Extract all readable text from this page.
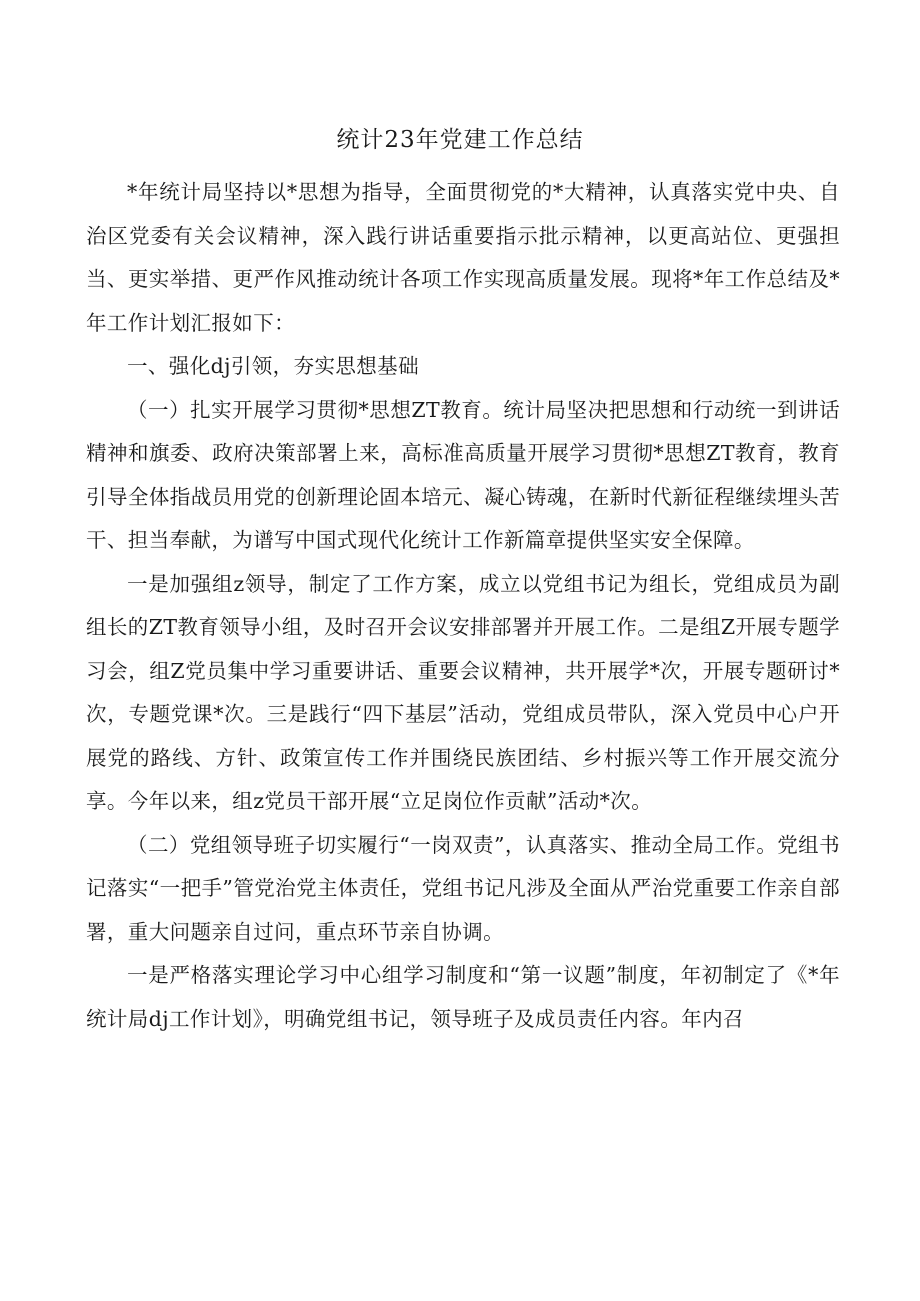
统计23年党建工作总结

*年统计局坚持以*思想为指导，全面贯彻党的*大精神，认真落实党中央、自治区党委有关会议精神，深入践行讲话重要指示批示精神，以更高站位、更强担当、更实举措、更严作风推动统计各项工作实现高质量发展。现将*年工作总结及*年工作计划汇报如下：

一、强化dj引领，夯实思想基础

（一）扎实开展学习贯彻*思想ZT教育。统计局坚决把思想和行动统一到讲话精神和旗委、政府决策部署上来，高标准高质量开展学习贯彻*思想ZT教育，教育引导全体指战员用党的创新理论固本培元、凝心铸魂，在新时代新征程继续埋头苦干、担当奉献，为谱写中国式现代化统计工作新篇章提供坚实安全保障。

一是加强组z领导，制定了工作方案，成立以党组书记为组长，党组成员为副组长的ZT教育领导小组，及时召开会议安排部署并开展工作。二是组Z开展专题学习会，组Z党员集中学习重要讲话、重要会议精神，共开展学*次，开展专题研讨*次，专题党课*次。三是践行“四下基层”活动，党组成员带队，深入党员中心户开展党的路线、方针、政策宣传工作并围绕民族团结、乡村振兴等工作开展交流分享。今年以来，组z党员干部开展“立足岗位作贡献”活动*次。

（二）党组领导班子切实履行“一岗双责”，认真落实、推动全局工作。党组书记落实“一把手”管党治党主体责任，党组书记凡涉及全面从严治党重要工作亲自部署，重大问题亲自过问，重点环节亲自协调。

一是严格落实理论学习中心组学习制度和“第一议题”制度，年初制定了《*年统计局dj工作计划》，明确党组书记，领导班子及成员责任内容。年内召
